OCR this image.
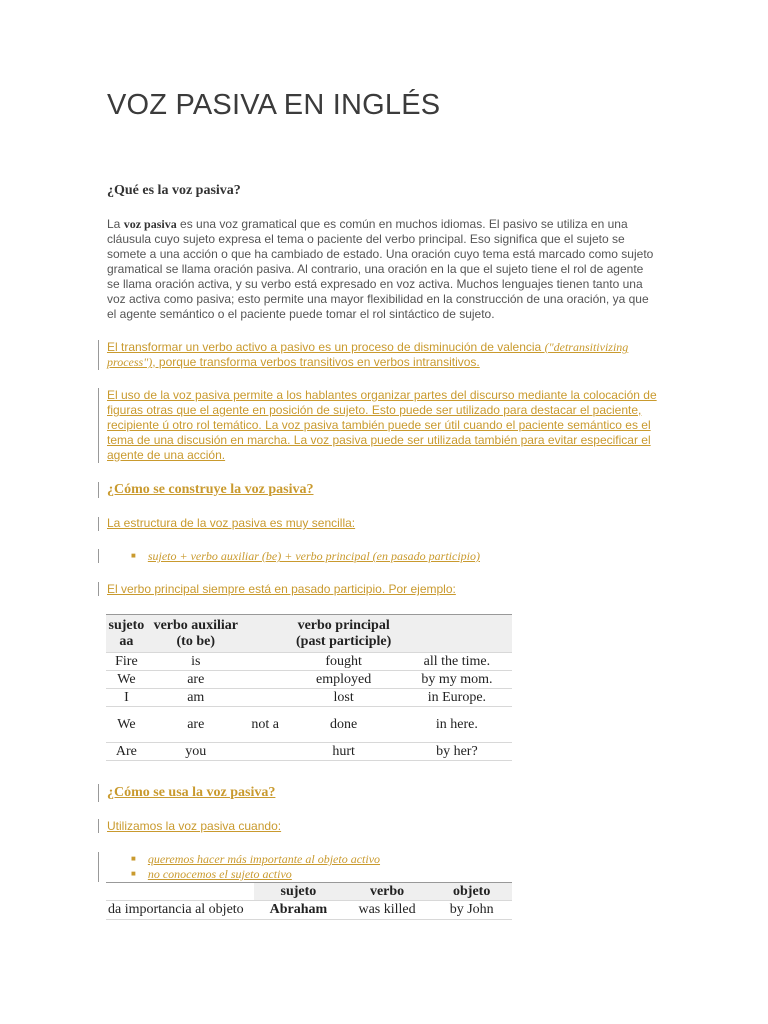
VOZ PASIVA EN INGLÉS
¿Qué es la voz pasiva?

La voz pasiva es una voz gramatical que es común en muchos idiomas. El pasivo se utiliza en una cláusula cuyo sujeto expresa el tema o paciente del verbo principal. Eso significa que el sujeto se somete a una acción o que ha cambiado de estado. Una oración cuyo tema está marcado como sujeto gramatical se llama oración pasiva. Al contrario, una oración en la que el sujeto tiene el rol de agente se llama oración activa, y su verbo está expresado en voz activa. Muchos lenguajes tienen tanto una voz activa como pasiva; esto permite una mayor flexibilidad en la construcción de una oración, ya que el agente semántico o el paciente puede tomar el rol sintáctico de sujeto.

El transformar un verbo activo a pasivo es un proceso de disminución de valencia ("detransitivizing process"), porque transforma verbos transitivos en verbos intransitivos.

El uso de la voz pasiva permite a los hablantes organizar partes del discurso mediante la colocación de figuras otras que el agente en posición de sujeto. Esto puede ser utilizado para destacar el paciente, recipiente ú otro rol temático. La voz pasiva también puede ser útil cuando el paciente semántico es el tema de una discusión en marcha. La voz pasiva puede ser utilizada también para evitar especificar el agente de una acción.

¿Cómo se construye la voz pasiva?

La estructura de la voz pasiva es muy sencilla:

■ sujeto + verbo auxiliar (be) + verbo principal (en pasado participio)

El verbo principal siempre está en pasado participio. Por ejemplo:

sujeto aa	verbo auxiliar (to be)		verbo principal (past participle)	
Fire	is		fought	all the time.
We	are		employed	by my mom.
I	am		lost	in Europe.
We	are	not a	done	in here.
Are	you		hurt	by her?
¿Cómo se usa la voz pasiva?

Utilizamos la voz pasiva cuando:

■ queremos hacer más importante al objeto activo
■ no conocemos el sujeto activo
	sujeto	verbo	objeto
da importancia al objeto	Abraham	was killed	by John
